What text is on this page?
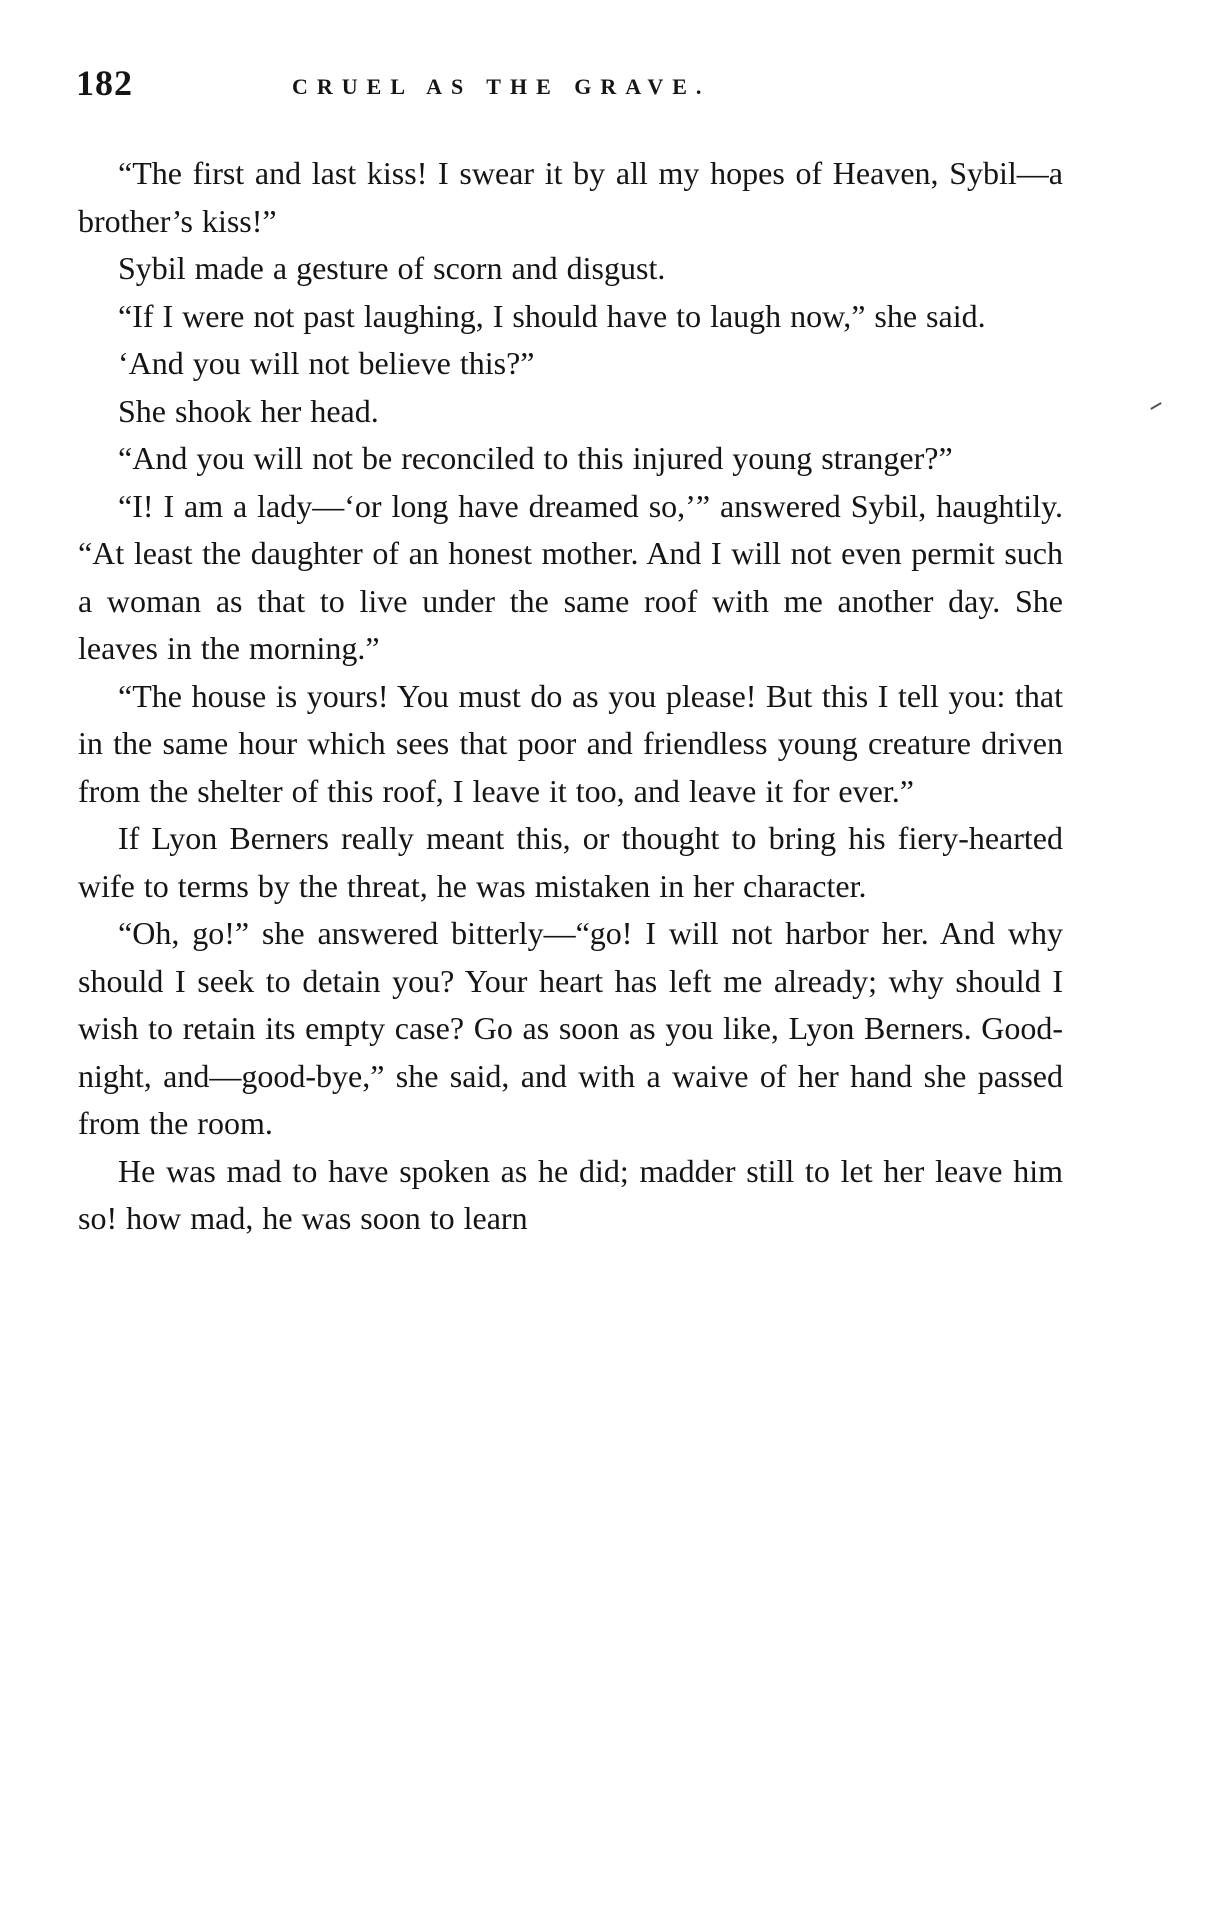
182	CRUEL AS THE GRAVE.

“The first and last kiss! I swear it by all my hopes of Heaven, Sybil—a brother’s kiss!”

Sybil made a gesture of scorn and disgust.

“If I were not past laughing, I should have to laugh now,” she said.

‘And you will not believe this?”

She shook her head.

“And you will not be reconciled to this injured young stranger?”

“I! I am a lady—‘or long have dreamed so,’” answered Sybil, haughtily. “At least the daughter of an honest mother. And I will not even permit such a woman as that to live under the same roof with me another day. She leaves in the morning.”

“The house is yours! You must do as you please! But this I tell you: that in the same hour which sees that poor and friendless young creature driven from the shelter of this roof, I leave it too, and leave it for ever.”

If Lyon Berners really meant this, or thought to bring his fiery-hearted wife to terms by the threat, he was mistaken in her character.

“Oh, go!” she answered bitterly—“go! I will not harbor her. And why should I seek to detain you? Your heart has left me already; why should I wish to retain its empty case? Go as soon as you like, Lyon Berners. Good-night, and—good-bye,” she said, and with a waive of her hand she passed from the room.

He was mad to have spoken as he did; madder still to let her leave him so! how mad, he was soon to learn
